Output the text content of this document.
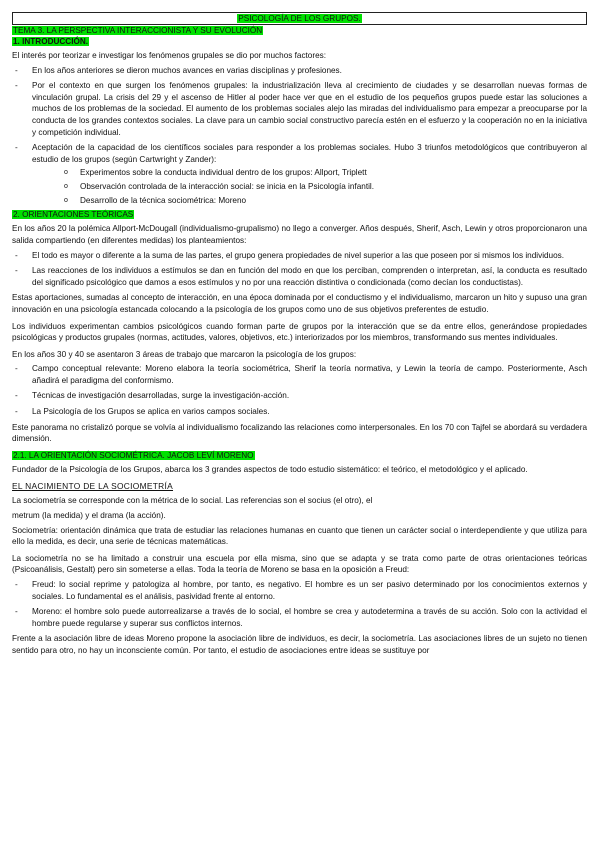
PSICOLOGÍA DE LOS GRUPOS.
TEMA 3. LA PERSPECTIVA INTERACCIONISTA Y SU EVOLUCIÓN
1. INTRODUCCIÓN.

El interés por teorizar e investigar los fenómenos grupales se dio por muchos factores:

- En los años anteriores se dieron muchos avances en varias disciplinas y profesiones.
- Por el contexto en que surgen los fenómenos grupales: la industrialización lleva al crecimiento de ciudades y se desarrollan nuevas formas de vinculación grupal. La crisis del 29 y el ascenso de Hitler al poder hace ver que en el estudio de los pequeños grupos puede estar las soluciones a muchos de los problemas de la sociedad. El aumento de los problemas sociales alejo las miradas del individualismo para empezar a preocuparse por la conducta de los grandes contextos sociales. La clave para un cambio social constructivo parecía estén en el esfuerzo y la cooperación no en la iniciativa y competición individual.
- Aceptación de la capacidad de los científicos sociales para responder a los problemas sociales. Hubo 3 triunfos metodológicos que contribuyeron al estudio de los grupos (según Cartwright y Zander):
o Experimentos sobre la conducta individual dentro de los grupos: Allport, Triplett
o Observación controlada de la interacción social: se inicia en la Psicología infantil.
o Desarrollo de la técnica sociométrica: Moreno
2. ORIENTACIONES TEÓRICAS

En los años 20 la polémica Allport-McDougall (individualismo-grupalismo) no llego a converger. Años después, Sherif, Asch, Lewin y otros proporcionaron una salida compartiendo (en diferentes medidas) los planteamientos:

- El todo es mayor o diferente a la suma de las partes, el grupo genera propiedades de nivel superior a las que poseen por si mismos los individuos.
- Las reacciones de los individuos a estímulos se dan en función del modo en que los perciban, comprenden o interpretan, así, la conducta es resultado del significado psicológico que damos a esos estímulos y no por una reacción distintiva o condicionada (como decían los conductistas).

Estas aportaciones, sumadas al concepto de interacción, en una época dominada por el conductismo y el individualismo, marcaron un hito y supuso una gran innovación en una psicología estancada colocando a la psicología de los grupos como uno de sus objetivos preferentes de estudio.

Los individuos experimentan cambios psicológicos cuando forman parte de grupos por la interacción que se da entre ellos, generándose propiedades psicológicas y productos grupales (normas, actitudes, valores, objetivos, etc.) interiorizados por los miembros, transformando sus mentes individuales.

En los años 30 y 40 se asentaron 3 áreas de trabajo que marcaron la psicología de los grupos:

- Campo conceptual relevante: Moreno elabora la teoría sociométrica, Sherif la teoría normativa, y Lewin la teoría de campo. Posteriormente, Asch añadirá el paradigma del conformismo.
- Técnicas de investigación desarrolladas, surge la investigación-acción.
- La Psicología de los Grupos se aplica en varios campos sociales.

Este panorama no cristalizó porque se volvía al individualismo focalizando las relaciones como interpersonales. En los 70 con Tajfel se abordará su verdadera dimensión.

2.1. LA ORIENTACIÓN SOCIOMÉTRICA. JACOB LEVÍ MORENO

Fundador de la Psicología de los Grupos, abarca los 3 grandes aspectos de todo estudio sistemático: el teórico, el metodológico y el aplicado.

EL NACIMIENTO DE LA SOCIOMETRÍA

La sociometría se corresponde con la métrica de lo social. Las referencias son el socius (el otro), el

metrum (la medida) y el drama (la acción).

Sociometría: orientación dinámica que trata de estudiar las relaciones humanas en cuanto que tienen un carácter social o interdependiente y que utiliza para ello la medida, es decir, una serie de técnicas matemáticas.

La sociometría no se ha limitado a construir una escuela por ella misma, sino que se adapta y se trata como parte de otras orientaciones teóricas (Psicoanálisis, Gestalt) pero sin someterse a ellas. Toda la teoría de Moreno se basa en la oposición a Freud:

- Freud: lo social reprime y patologiza al hombre, por tanto, es negativo. El hombre es un ser pasivo determinado por los conocimientos externos y sociales. Lo fundamental es el análisis, pasividad frente al entorno.
- Moreno: el hombre solo puede autorrealizarse a través de lo social, el hombre se crea y autodetermina a través de su acción. Solo con la actividad el hombre puede regularse y superar sus conflictos internos.

Frente a la asociación libre de ideas Moreno propone la asociación libre de individuos, es decir, la sociometría. Las asociaciones libres de un sujeto no tienen sentido para otro, no hay un inconsciente común. Por tanto, el estudio de asociaciones entre ideas se sustituye por
